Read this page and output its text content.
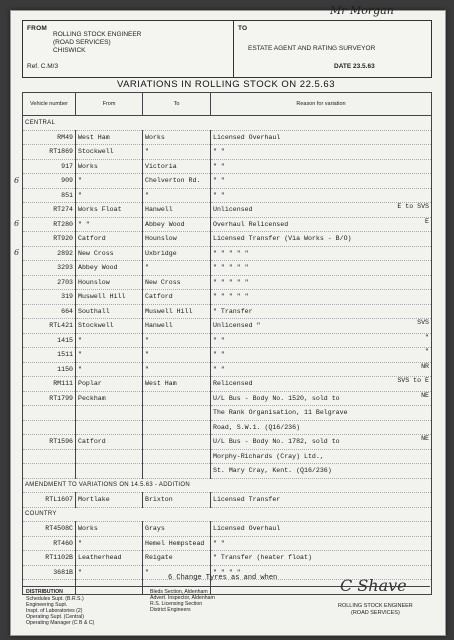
FROM
ROLLING STOCK ENGINEER
(ROAD SERVICES)
CHISWICK
Ref. C.M/3
TO
ESTATE AGENT AND RATING SURVEYOR
DATE 23.5.63
Mr Morgan
VARIATIONS IN ROLLING STOCK ON 22.5.63
Vehicle number	From	To	Reason for variation
CENTRAL			
RM49	West Ham	Works	Licensed Overhaul

RT1869	Stockwell	"	" "

917	Works	Victoria	" "

909	"	Chelverton Rd.	" "

851	"	"	" "

RT274	Works Float	Hanwell	Unlicensed E to SVS

RT280	" "	Abbey Wood	Overhaul Relicensed E

RT920	Catford	Hounslow	Licensed Transfer (Via Works - B/O)

2892	New Cross	Uxbridge	" " " " "

3293	Abbey Wood	"	" " " " "

2703	Hounslow	New Cross	" " " " "

319	Muswell Hill	Catford	" " " " "

664	Southall	Muswell Hill	" Transfer

RTL421	Stockwell	Hanwell	Unlicensed " SVS

1415	"	"	" " "

1511	"	"	" " "

1150	"	"	" " NR

RM111	Poplar	West Ham	Relicensed SVS to E

RT1799	Peckham		U/L Bus - Body No. 1520, sold to NE

			The Rank Organisation, 11 Belgrave

			Road, S.W.1. (Q16/236)

RT1596	Catford		U/L Bus - Body No. 1782, sold to NE

			Morphy-Richards (Cray) Ltd.,

			St. Mary Cray, Kent. (Q16/236)

AMENDMENT TO VARIATIONS ON 14.5.63 - ADDITION			
RTL1607	Mortlake	Brixton	Licensed Transfer

COUNTRY			
RT4508C	Works	Grays	Licensed Overhaul

RT460	"	Hemel Hempstead	" "

RT1102B	Leatherhead	Reigate	" Transfer (heater float)

3681B	"	"	" " " "

6 Change Tyres as and when
DISTRIBUTION
Schedules Supt. (B.R.S.)
Engineering Supt.
Inspt. of Laboratories (2)
Operating Supt. (Central)
Operating Manager (C B & C)
Bleds Section, Aldenham
Advert. Inspector, Aldenham
R.S. Licensing Section
District Engineers
C Shave
ROLLING STOCK ENGINEER
(ROAD SERVICES)
6
6
6
